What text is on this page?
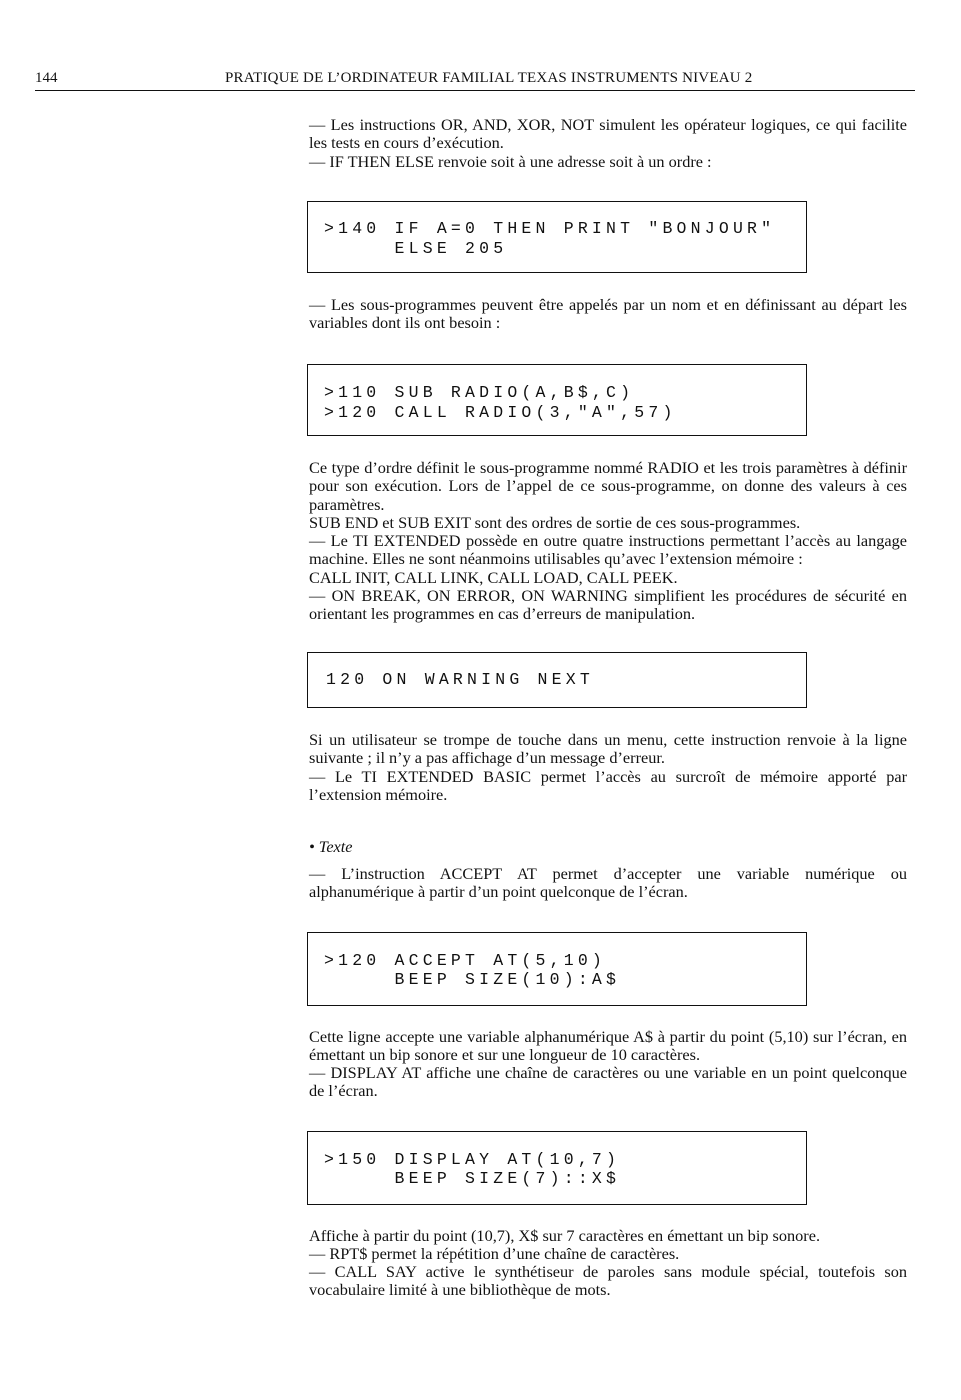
144	PRATIQUE DE L’ORDINATEUR FAMILIAL TEXAS INSTRUMENTS NIVEAU 2

— Les instructions OR, AND, XOR, NOT simulent les opérateur logiques, ce qui facilite les tests en cours d’exécution.

— IF THEN ELSE renvoie soit à une adresse soit à un ordre :

>140 IF A=0 THEN PRINT "BONJOUR"
ELSE 205

— Les sous-programmes peuvent être appelés par un nom et en définissant au départ les variables dont ils ont besoin :

>110 SUB RADIO(A,B$,C)
>120 CALL RADIO(3,"A",57)

Ce type d’ordre définit le sous-programme nommé RADIO et les trois paramètres à définir pour son exécution. Lors de l’appel de ce sous-programme, on donne des valeurs à ces paramètres.

SUB END et SUB EXIT sont des ordres de sortie de ces sous-programmes.

— Le TI EXTENDED possède en outre quatre instructions permettant l’accès au langage machine. Elles ne sont néanmoins utilisables qu’avec l’extension mémoire :

CALL INIT, CALL LINK, CALL LOAD, CALL PEEK.

— ON BREAK, ON ERROR, ON WARNING simplifient les procédures de sécurité en orientant les programmes en cas d’erreurs de manipulation.

120 ON WARNING NEXT

Si un utilisateur se trompe de touche dans un menu, cette instruction renvoie à la ligne suivante ; il n’y a pas affichage d’un message d’erreur.

— Le TI EXTENDED BASIC permet l’accès au surcroît de mémoire apporté par l’extension mémoire.

• Texte

— L’instruction ACCEPT AT permet d’accepter une variable numérique ou alphanumérique à partir d’un point quelconque de l’écran.

>120 ACCEPT AT(5,10)
BEEP SIZE(10):A$

Cette ligne accepte une variable alphanumérique A$ à partir du point (5,10) sur l’écran, en émettant un bip sonore et sur une longueur de 10 caractères.

— DISPLAY AT affiche une chaîne de caractères ou une variable en un point quelconque de l’écran.

>150 DISPLAY AT(10,7)
BEEP SIZE(7)::X$

Affiche à partir du point (10,7), X$ sur 7 caractères en émettant un bip sonore.

— RPT$ permet la répétition d’une chaîne de caractères.

— CALL SAY active le synthétiseur de paroles sans module spécial, toutefois son vocabulaire limité à une bibliothèque de mots.
